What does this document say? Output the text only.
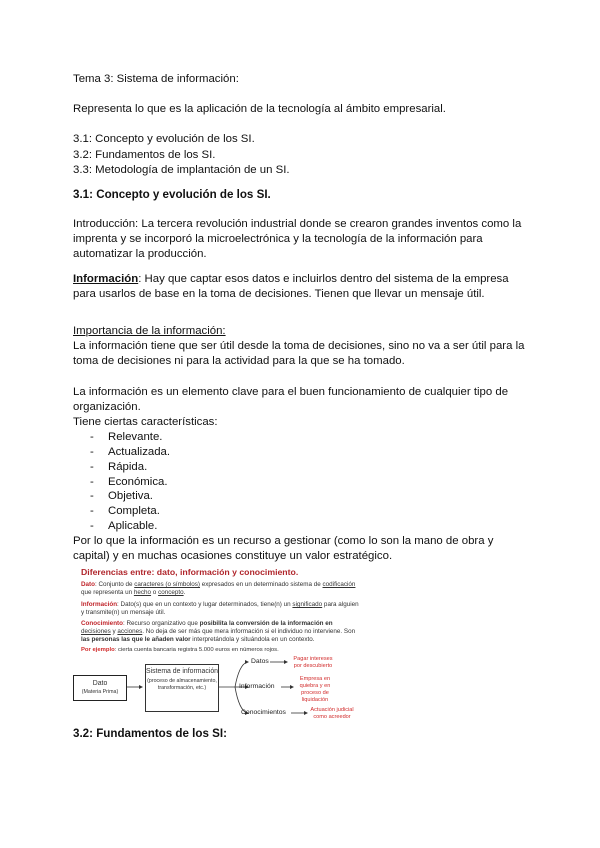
Tema 3: Sistema de información:

Representa lo que es la aplicación de la tecnología al ámbito empresarial.

3.1: Concepto y evolución de los SI.

3.2: Fundamentos de los SI.

3.3: Metodología de implantación de un SI.

3.1: Concepto y evolución de los SI.

Introducción: La tercera revolución industrial donde se crearon grandes inventos como la imprenta y se incorporó la microelectrónica y la tecnología de la información para automatizar la producción.

Información: Hay que captar esos datos e incluirlos dentro del sistema de la empresa para usarlos de base en la toma de decisiones. Tienen que llevar un mensaje útil.

Importancia de la información:

La información tiene que ser útil desde la toma de decisiones, sino no va a ser útil para la toma de decisiones ni para la actividad para la que se ha tomado.

La información es un elemento clave para el buen funcionamiento de cualquier tipo de organización.

Tiene ciertas características:

- Relevante.
- Actualizada.
- Rápida.
- Económica.
- Objetiva.
- Completa.
- Aplicable.

Por lo que la información es un recurso a gestionar (como lo son la mano de obra y capital) y en muchas ocasiones constituye un valor estratégico.

Diferencias entre: dato, información y conocimiento.
Dato: Conjunto de caracteres (o símbolos) expresados en un determinado sistema de codificación que representa un hecho o concepto.
Información: Dato(s) que en un contexto y lugar determinados, tiene(n) un significado para alguien y transmite(n) un mensaje útil.
Conocimiento: Recurso organizativo que posibilita la conversión de la información en decisiones y acciones. No deja de ser más que mera información si el individuo no interviene. Son las personas las que le añaden valor interpretándola y situándola en un contexto.
Por ejemplo: cierta cuenta bancaria registra 5.000 euros en números rojos.
Dato
(Materia Prima)
Sistema de información
(proceso de almacenamiento, transformación, etc.)
Datos
Información
Conocimientos
Pagar intereses por descubierto
Empresa en quiebra y en proceso de liquidación
Actuación judicial como acreedor
3.2: Fundamentos de los SI:
